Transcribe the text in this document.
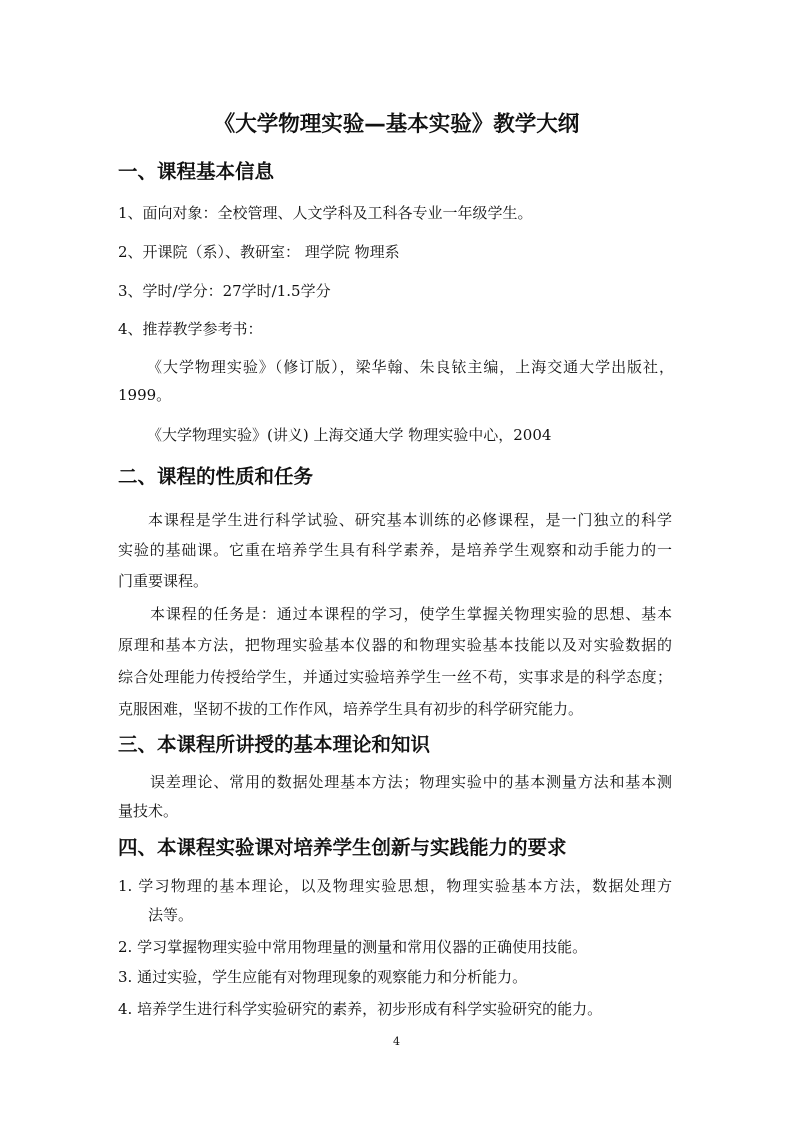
《大学物理实验—基本实验》教学大纲
一、课程基本信息
1、面向对象：全校管理、人文学科及工科各专业一年级学生。
2、开课院（系）、教研室： 理学院 物理系
3、学时/学分：27学时/1.5学分
4、推荐教学参考书：
《大学物理实验》（修订版），梁华翰、朱良铱主编，上海交通大学出版社，
1999。
《大学物理实验》(讲义) 上海交通大学 物理实验中心，2004
二、课程的性质和任务
本课程是学生进行科学试验、研究基本训练的必修课程，是一门独立的科学
实验的基础课。它重在培养学生具有科学素养，是培养学生观察和动手能力的一
门重要课程。
本课程的任务是：通过本课程的学习，使学生掌握关物理实验的思想、基本
原理和基本方法，把物理实验基本仪器的和物理实验基本技能以及对实验数据的
综合处理能力传授给学生，并通过实验培养学生一丝不苟，实事求是的科学态度；
克服困难，坚韧不拔的工作作风，培养学生具有初步的科学研究能力。
三、本课程所讲授的基本理论和知识
误差理论、常用的数据处理基本方法；物理实验中的基本测量方法和基本测
量技术。
四、本课程实验课对培养学生创新与实践能力的要求
1. 学习物理的基本理论，以及物理实验思想，物理实验基本方法，数据处理方
法等。
2. 学习掌握物理实验中常用物理量的测量和常用仪器的正确使用技能。
3. 通过实验，学生应能有对物理现象的观察能力和分析能力。
4. 培养学生进行科学实验研究的素养，初步形成有科学实验研究的能力。
4
